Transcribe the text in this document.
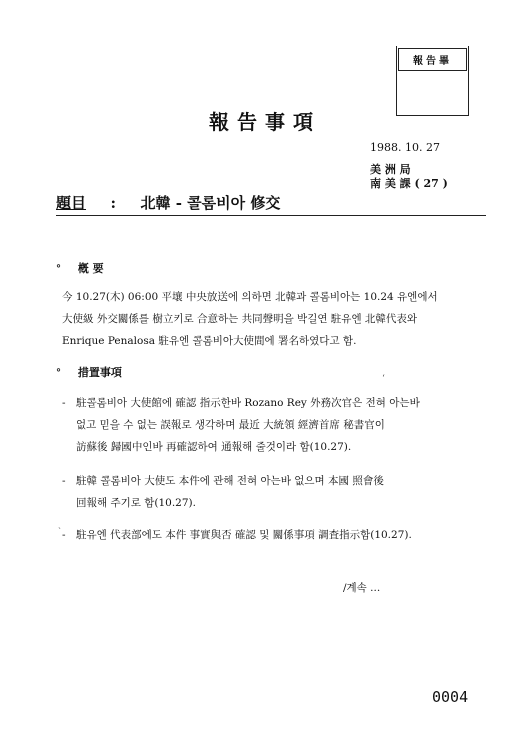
報告畢
報告事項
1988. 10. 27
美 洲 局
南 美 課 ( 27 )
題目 : 北韓 - 콜롬비아 修交
° 槪 要
今 10.27(木) 06:00 平壤 中央放送에 의하면 北韓과 콜롬비아는 10.24 유엔에서
大使級 外交關係를 樹立키로 合意하는 共同聲明을 박길연 駐유엔 北韓代表와
Enrique Penalosa 駐유엔 콜롬비아大使間에 署名하였다고 함.
° 措置事項	ʻ
- 駐콜롬비아 大使館에 確認 指示한바 Rozano Rey 外務次官은 전혀 아는바
없고 믿을 수 없는 誤報로 생각하며 最近 大統領 經濟首席 秘書官이
訪蘇後 歸國中인바 再確認하여 通報해 줄것이라 함(10.27).
- 駐韓 콜롬비아 大使도 本件에 관해 전혀 아는바 없으며 本國 照會後
回報해 주기로 함(10.27).
ˏ
- 駐유엔 代表部에도 本件 事實與否 確認 및 關係事項 調査指示함(10.27).
/계속 ...
0004
